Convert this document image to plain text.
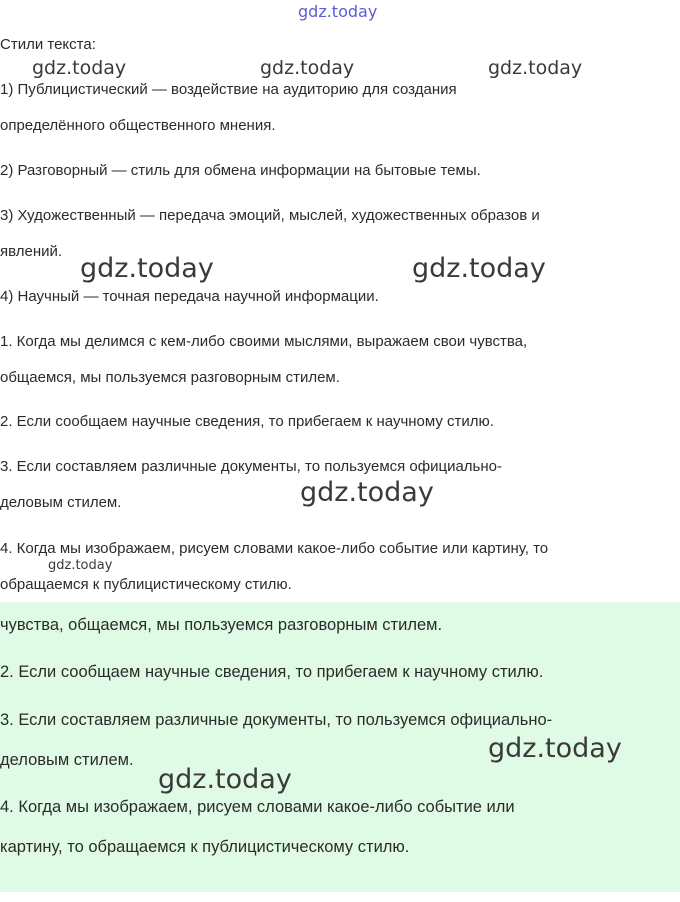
gdz.today
gdz.today	gdz.today	gdz.today
gdz.today	gdz.today
gdz.today
gdz.today
gdz.today
gdz.today
Стили текста:
1) Публицистический — воздействие на аудиторию для создания
определённого общественного мнения.
2) Разговорный — стиль для обмена информации на бытовые темы.
3) Художественный — передача эмоций, мыслей, художественных образов и
явлений.
4) Научный — точная передача научной информации.
1. Когда мы делимся с кем-либо своими мыслями, выражаем свои чувства,
общаемся, мы пользуемся разговорным стилем.
2. Если сообщаем научные сведения, то прибегаем к научному стилю.
3. Если составляем различные документы, то пользуемся официально-
деловым стилем.
4. Когда мы изображаем, рисуем словами какое-либо событие или картину, то
обращаемся к публицистическому стилю.
чувства, общаемся, мы пользуемся разговорным стилем.
2. Если сообщаем научные сведения, то прибегаем к научному стилю.
3. Если составляем различные документы, то пользуемся официально-
деловым стилем.
4. Когда мы изображаем, рисуем словами какое-либо событие или
картину, то обращаемся к публицистическому стилю.
